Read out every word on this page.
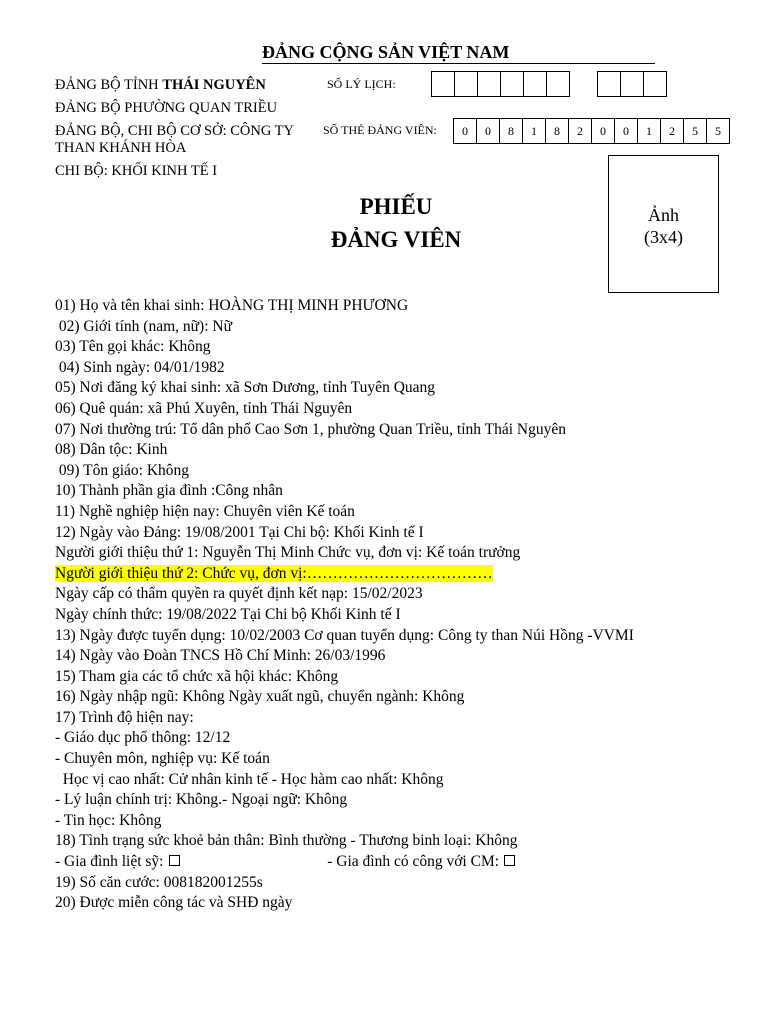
ĐẢNG CỘNG SẢN VIỆT NAM
ĐẢNG BỘ TỈNH THÁI NGUYÊN
ĐẢNG BỘ PHƯỜNG QUAN TRIỀU
ĐẢNG BỘ, CHI BỘ CƠ SỞ: CÔNG TY THAN KHÁNH HÒA
CHI BỘ: KHỐI KINH TẾ I
SỐ LÝ LỊCH:
SỐ THẺ ĐẢNG VIÊN:	0	0	8	1	8	2	0	0	1	2	5	5
PHIẾU
ĐẢNG VIÊN
Ảnh
(3x4)
01) Họ và tên khai sinh: HOÀNG THỊ MINH PHƯƠNG
02) Giới tính (nam, nữ): Nữ
03) Tên gọi khác: Không
04) Sinh ngày: 04/01/1982
05) Nơi đăng ký khai sinh: xã Sơn Dương, tỉnh Tuyên Quang
06) Quê quán: xã Phú Xuyên, tỉnh Thái Nguyên
07) Nơi thường trú: Tổ dân phố Cao Sơn 1, phường Quan Triều, tỉnh Thái Nguyên
08) Dân tộc: Kinh
09) Tôn giáo: Không
10) Thành phần gia đình :Công nhân
11) Nghề nghiệp hiện nay: Chuyên viên Kế toán
12) Ngày vào Đảng: 19/08/2001 Tại Chi bộ: Khối Kinh tế I
Người giới thiệu thứ 1: Nguyễn Thị Minh Chức vụ, đơn vị: Kế toán trưởng
Người giới thiệu thứ 2: Chức vụ, đơn vị:………………………………
Ngày cấp có thẩm quyền ra quyết định kết nạp: 15/02/2023
Ngày chính thức: 19/08/2022 Tại Chi bộ Khối Kinh tế I
13) Ngày được tuyển dụng: 10/02/2003 Cơ quan tuyển dụng: Công ty than Núi Hồng -VVMI
14) Ngày vào Đoàn TNCS Hồ Chí Minh: 26/03/1996
15) Tham gia các tổ chức xã hội khác: Không
16) Ngày nhập ngũ: Không Ngày xuất ngũ, chuyển ngành: Không
17) Trình độ hiện nay:
- Giáo dục phổ thông: 12/12
- Chuyên môn, nghiệp vụ: Kế toán
Học vị cao nhất: Cử nhân kinh tế - Học hàm cao nhất: Không
- Lý luận chính trị: Không.- Ngoại ngữ: Không
- Tin học: Không
18) Tình trạng sức khoẻ bản thân: Bình thường - Thương binh loại: Không
- Gia đình liệt sỹ:	- Gia đình có công với CM:
19) Số căn cước: 008182001255s
20) Được miễn công tác và SHĐ ngày
